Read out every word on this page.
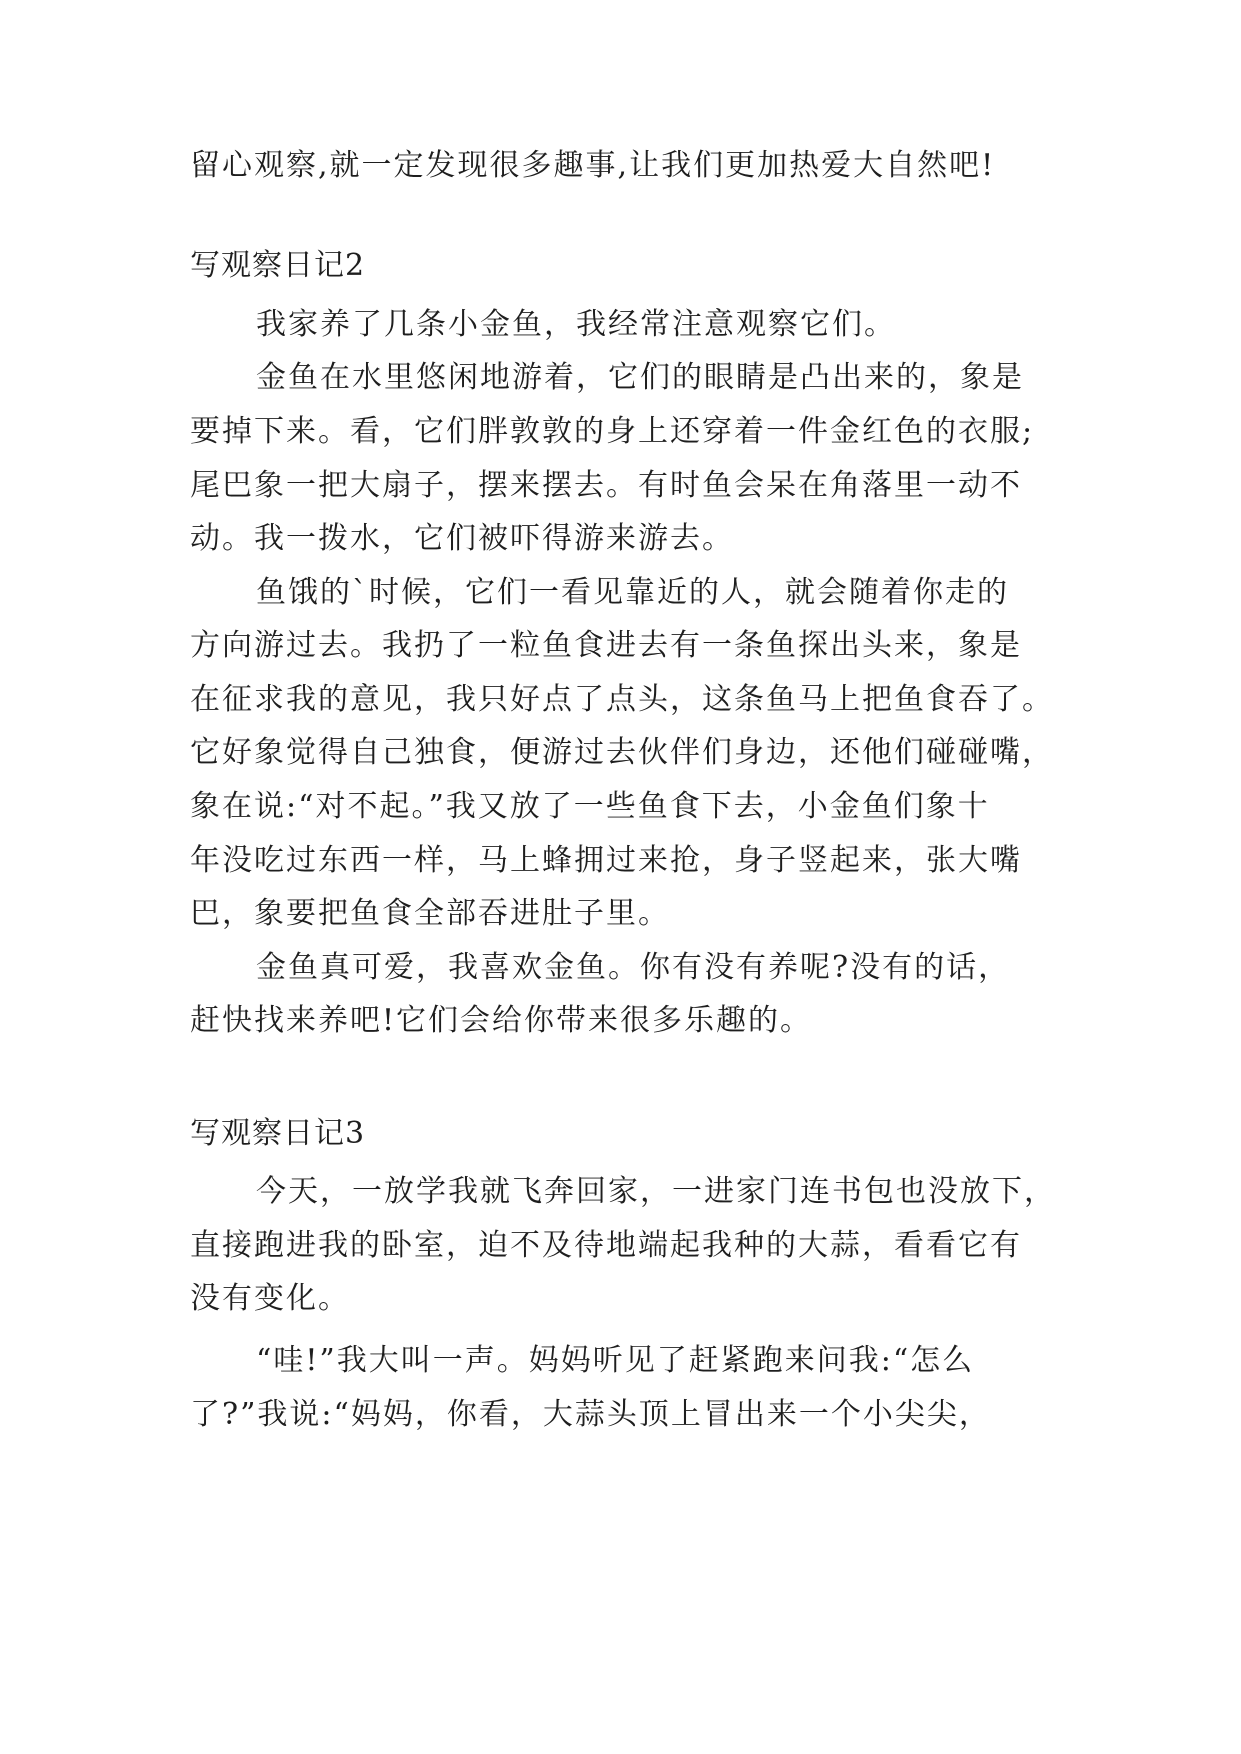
留心观察,就一定发现很多趣事,让我们更加热爱大自然吧!
写观察日记2
我家养了几条小金鱼，我经常注意观察它们。
金鱼在水里悠闲地游着，它们的眼睛是凸出来的，象是
要掉下来。看，它们胖敦敦的身上还穿着一件金红色的衣服;
尾巴象一把大扇子，摆来摆去。有时鱼会呆在角落里一动不
动。我一拨水，它们被吓得游来游去。
鱼饿的`时候，它们一看见靠近的人，就会随着你走的
方向游过去。我扔了一粒鱼食进去有一条鱼探出头来，象是
在征求我的意见，我只好点了点头，这条鱼马上把鱼食吞了。
它好象觉得自己独食，便游过去伙伴们身边，还他们碰碰嘴，
象在说:“对不起。”我又放了一些鱼食下去，小金鱼们象十
年没吃过东西一样，马上蜂拥过来抢，身子竖起来，张大嘴
巴，象要把鱼食全部吞进肚子里。
金鱼真可爱，我喜欢金鱼。你有没有养呢?没有的话，
赶快找来养吧!它们会给你带来很多乐趣的。
写观察日记3
今天，一放学我就飞奔回家，一进家门连书包也没放下，
直接跑进我的卧室，迫不及待地端起我种的大蒜，看看它有
没有变化。
“哇!”我大叫一声。妈妈听见了赶紧跑来问我:“怎么
了?”我说:“妈妈，你看，大蒜头顶上冒出来一个小尖尖，
